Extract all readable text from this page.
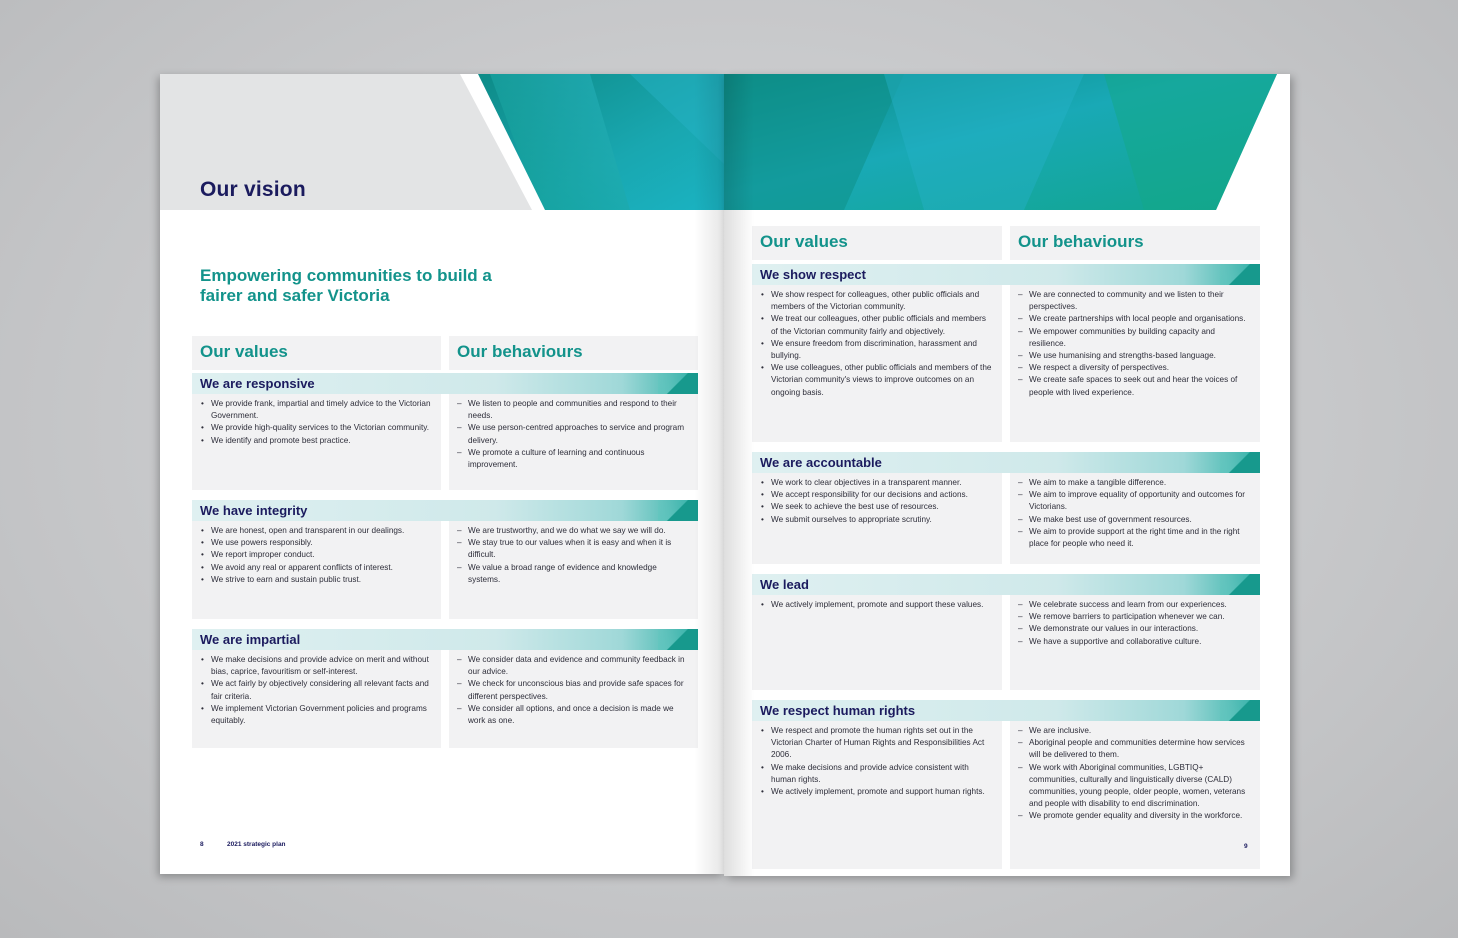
Our vision
Empowering communities to build a fairer and safer Victoria
Our values	Our behaviours
We are responsive
• We provide frank, impartial and timely advice to the Victorian Government.
• We provide high-quality services to the Victorian community.
• We identify and promote best practice.
– We listen to people and communities and respond to their needs.
– We use person-centred approaches to service and program delivery.
– We promote a culture of learning and continuous improvement.
We have integrity
• We are honest, open and transparent in our dealings.
• We use powers responsibly.
• We report improper conduct.
• We avoid any real or apparent conflicts of interest.
• We strive to earn and sustain public trust.
– We are trustworthy, and we do what we say we will do.
– We stay true to our values when it is easy and when it is difficult.
– We value a broad range of evidence and knowledge systems.
We are impartial
• We make decisions and provide advice on merit and without bias, caprice, favouritism or self-interest.
• We act fairly by objectively considering all relevant facts and fair criteria.
• We implement Victorian Government policies and programs equitably.
– We consider data and evidence and community feedback in our advice.
– We check for unconscious bias and provide safe spaces for different perspectives.
– We consider all options, and once a decision is made we work as one.
8	2021 strategic plan
Our values	Our behaviours
We show respect
• We show respect for colleagues, other public officials and members of the Victorian community.
• We treat our colleagues, other public officials and members of the Victorian community fairly and objectively.
• We ensure freedom from discrimination, harassment and bullying.
• We use colleagues, other public officials and members of the Victorian community's views to improve outcomes on an ongoing basis.
– We are connected to community and we listen to their perspectives.
– We create partnerships with local people and organisations.
– We empower communities by building capacity and resilience.
– We use humanising and strengths-based language.
– We respect a diversity of perspectives.
– We create safe spaces to seek out and hear the voices of people with lived experience.
We are accountable
• We work to clear objectives in a transparent manner.
• We accept responsibility for our decisions and actions.
• We seek to achieve the best use of resources.
• We submit ourselves to appropriate scrutiny.
– We aim to make a tangible difference.
– We aim to improve equality of opportunity and outcomes for Victorians.
– We make best use of government resources.
– We aim to provide support at the right time and in the right place for people who need it.
We lead
• We actively implement, promote and support these values.
–	We celebrate success and learn from our experiences.
– We remove barriers to participation whenever we can.
– We demonstrate our values in our interactions.
– We have a supportive and collaborative culture.
We respect human rights
• We respect and promote the human rights set out in the Victorian Charter of Human Rights and Responsibilities Act 2006.
• We make decisions and provide advice consistent with human rights.
• We actively implement, promote and support human rights.
– We are inclusive.
– Aboriginal people and communities determine how services will be delivered to them.
– We work with Aboriginal communities, LGBTIQ+ communities, culturally and linguistically diverse (CALD) communities, young people, older people, women, veterans and people with disability to end discrimination.
– We promote gender equality and diversity in the workforce.
9
